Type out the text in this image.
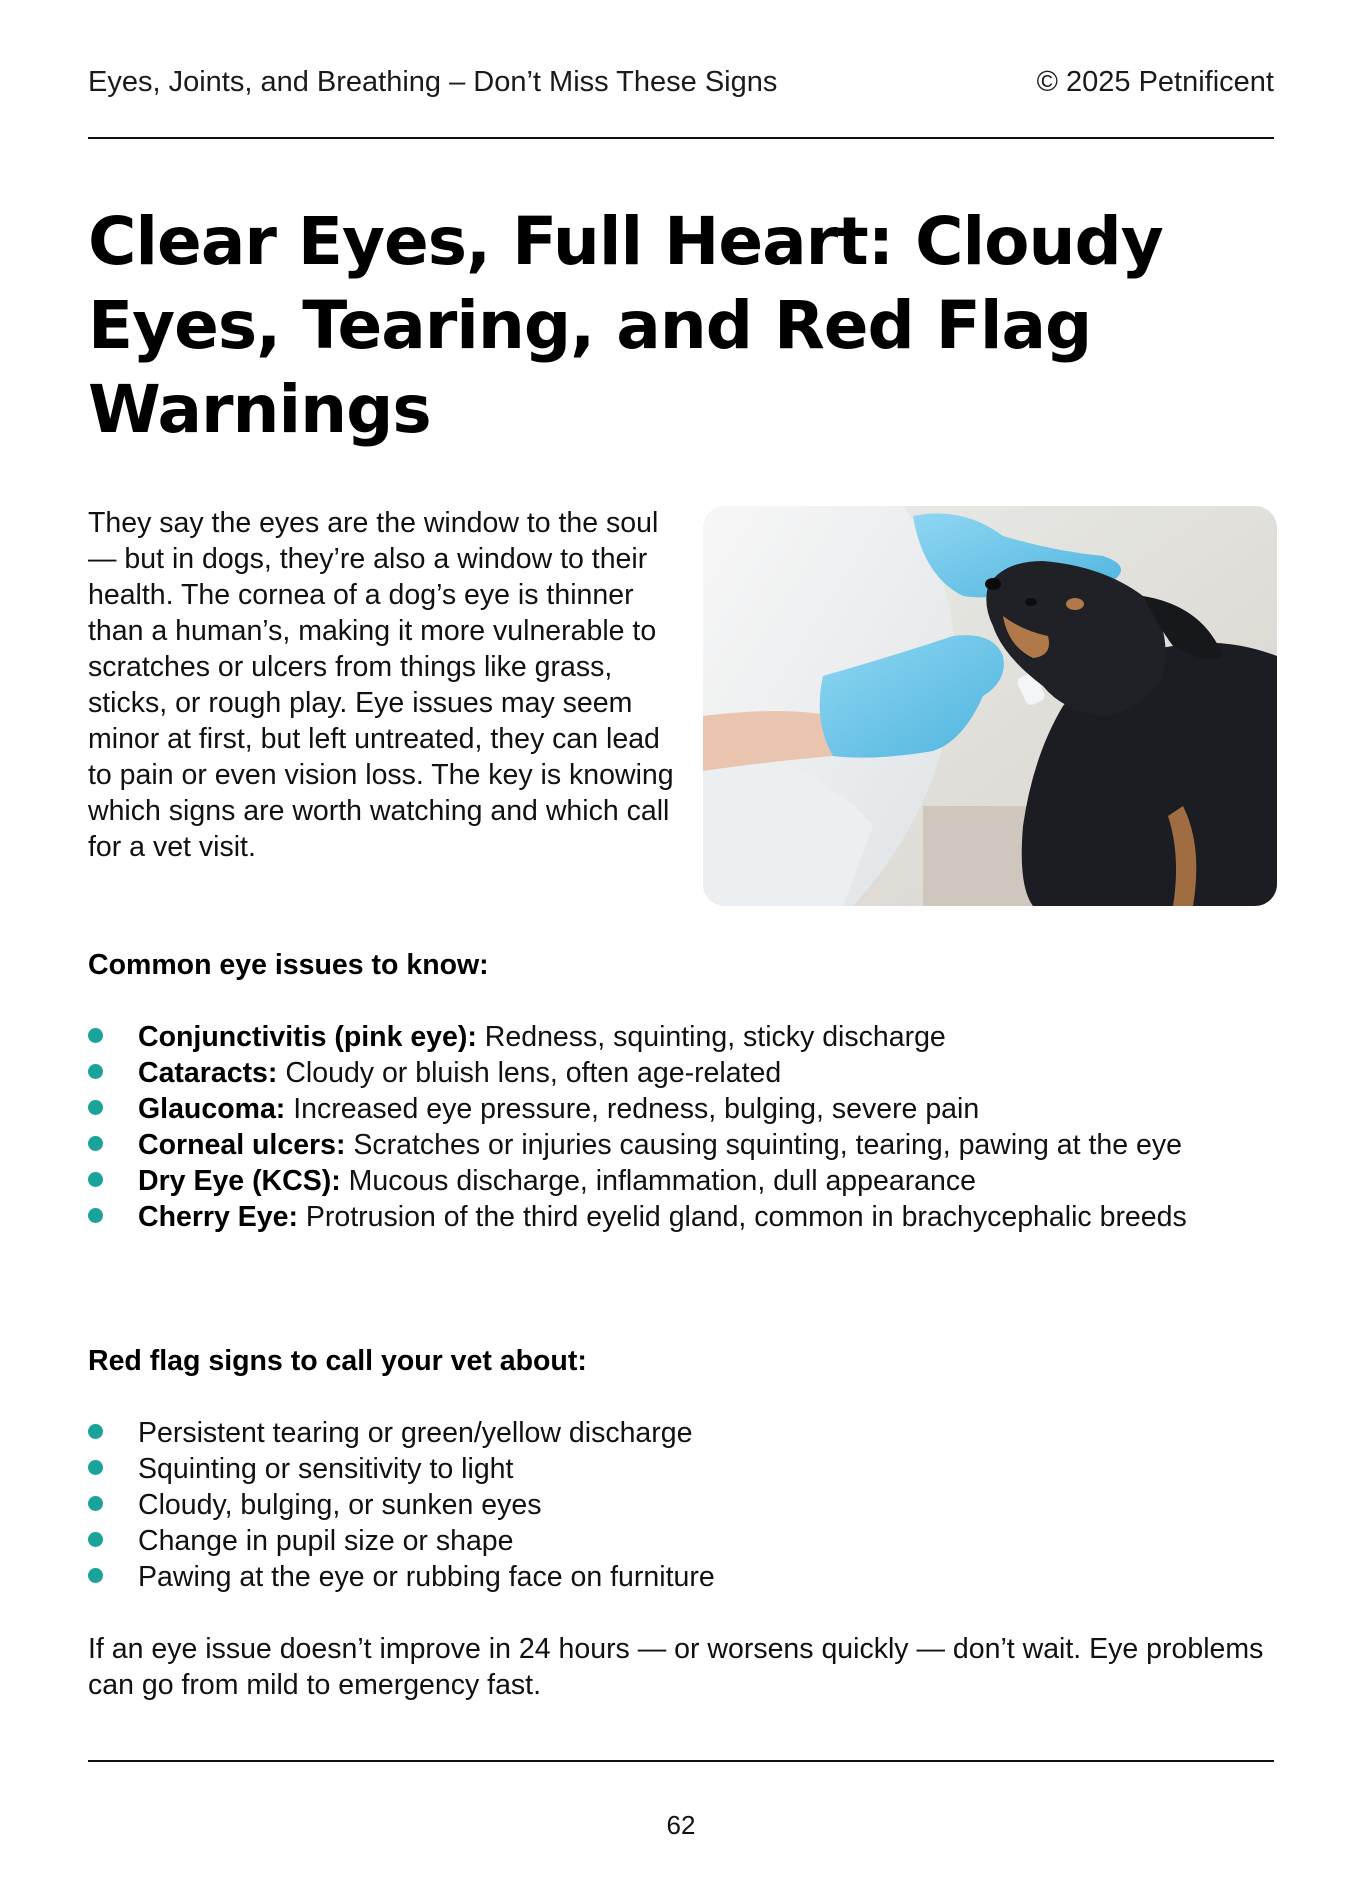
Eyes, Joints, and Breathing – Don’t Miss These Signs	© 2025 Petnificent
Clear Eyes, Full Heart: Cloudy Eyes, Tearing, and Red Flag Warnings

They say the eyes are the window to the soul — but in dogs, they’re also a window to their health. The cornea of a dog’s eye is thinner than a human’s, making it more vulnerable to scratches or ulcers from things like grass, sticks, or rough play. Eye issues may seem minor at first, but left untreated, they can lead to pain or even vision loss. The key is knowing which signs are worth watching and which call for a vet visit.

Common eye issues to know:
Conjunctivitis (pink eye): Redness, squinting, sticky discharge
Cataracts: Cloudy or bluish lens, often age-related
Glaucoma: Increased eye pressure, redness, bulging, severe pain
Corneal ulcers: Scratches or injuries causing squinting, tearing, pawing at the eye
Dry Eye (KCS): Mucous discharge, inflammation, dull appearance
Cherry Eye: Protrusion of the third eyelid gland, common in brachycephalic breeds
Red flag signs to call your vet about:
Persistent tearing or green/yellow discharge
Squinting or sensitivity to light
Cloudy, bulging, or sunken eyes
Change in pupil size or shape
Pawing at the eye or rubbing face on furniture

If an eye issue doesn’t improve in 24 hours — or worsens quickly — don’t wait. Eye problems can go from mild to emergency fast.

62
